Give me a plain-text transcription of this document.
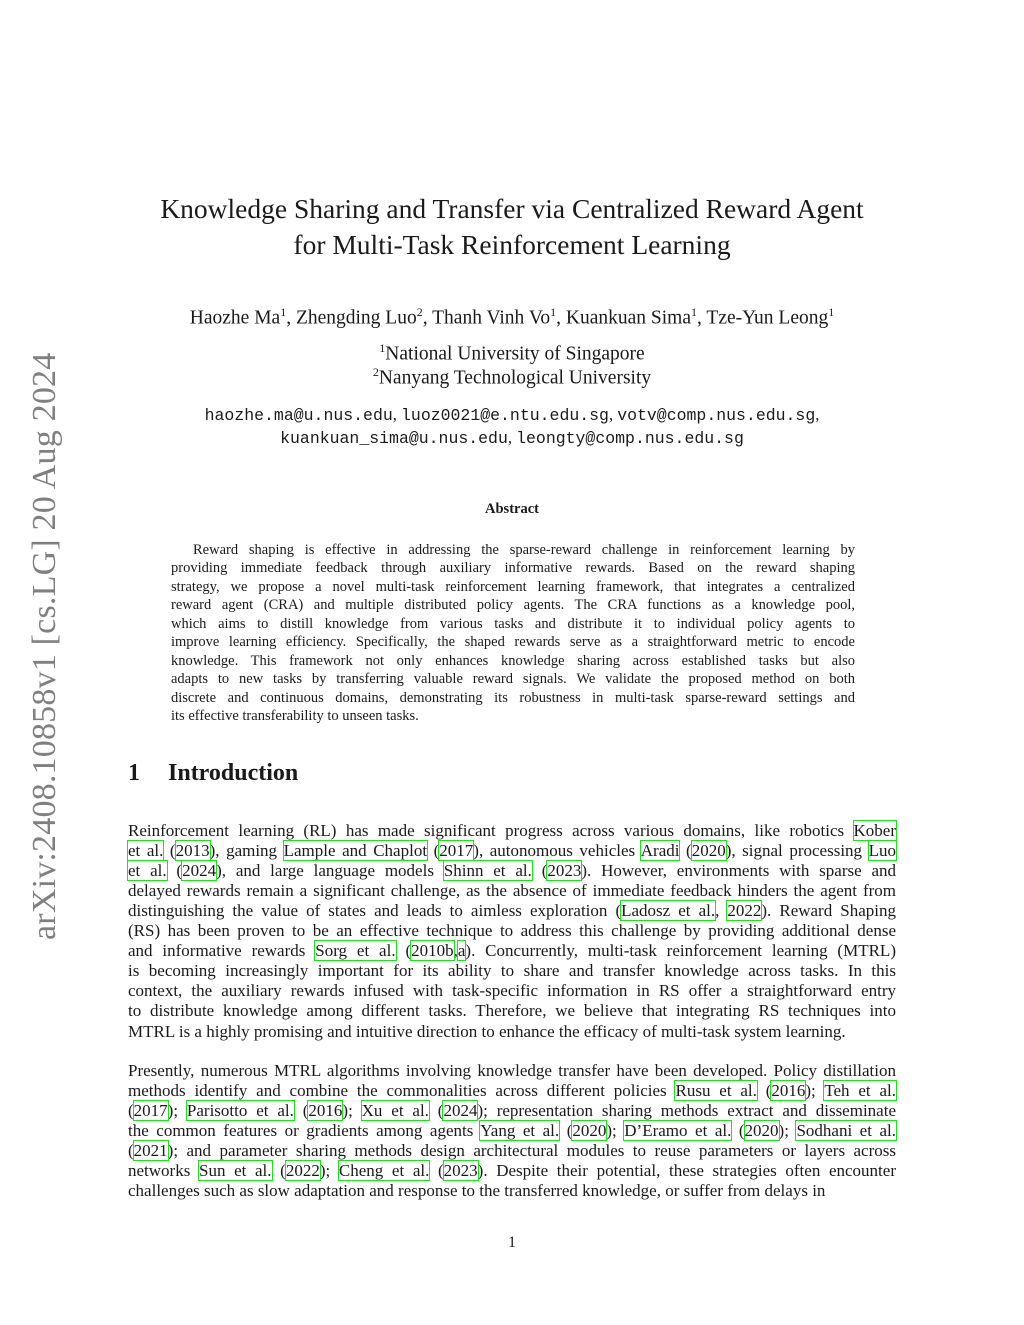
arXiv:2408.10858v1 [cs.LG] 20 Aug 2024
Knowledge Sharing and Transfer via Centralized Reward Agent
for Multi-Task Reinforcement Learning
Haozhe Ma$^1$, Zhengding Luo$^2$, Thanh Vinh Vo$^1$, Kuankuan Sima$^1$, Tze-Yun Leong$^1$
$^1$National University of Singapore
$^2$Nanyang Technological University
haozhe.ma@u.nus.edu, luoz0021@e.ntu.edu.sg, votv@comp.nus.edu.sg,
kuankuan_sima@u.nus.edu, leongty@comp.nus.edu.sg
Abstract
Reward shaping is effective in addressing the sparse-reward challenge in reinforcement learning by
providing immediate feedback through auxiliary informative rewards. Based on the reward shaping
strategy, we propose a novel multi-task reinforcement learning framework, that integrates a centralized
reward agent (CRA) and multiple distributed policy agents. The CRA functions as a knowledge pool,
which aims to distill knowledge from various tasks and distribute it to individual policy agents to
improve learning efficiency. Specifically, the shaped rewards serve as a straightforward metric to encode
knowledge. This framework not only enhances knowledge sharing across established tasks but also
adapts to new tasks by transferring valuable reward signals. We validate the proposed method on both
discrete and continuous domains, demonstrating its robustness in multi-task sparse-reward settings and
its effective transferability to unseen tasks.
1 Introduction
Reinforcement learning (RL) has made significant progress across various domains, like robotics Kober
et al. (2013), gaming Lample and Chaplot (2017), autonomous vehicles Aradi (2020), signal processing Luo
et al. (2024), and large language models Shinn et al. (2023). However, environments with sparse and
delayed rewards remain a significant challenge, as the absence of immediate feedback hinders the agent from
distinguishing the value of states and leads to aimless exploration (Ladosz et al., 2022). Reward Shaping
(RS) has been proven to be an effective technique to address this challenge by providing additional dense
and informative rewards Sorg et al. (2010b,a). Concurrently, multi-task reinforcement learning (MTRL)
is becoming increasingly important for its ability to share and transfer knowledge across tasks. In this
context, the auxiliary rewards infused with task-specific information in RS offer a straightforward entry
to distribute knowledge among different tasks. Therefore, we believe that integrating RS techniques into
MTRL is a highly promising and intuitive direction to enhance the efficacy of multi-task system learning.
Presently, numerous MTRL algorithms involving knowledge transfer have been developed. Policy distillation
methods identify and combine the commonalities across different policies Rusu et al. (2016); Teh et al.
(2017); Parisotto et al. (2016); Xu et al. (2024); representation sharing methods extract and disseminate
the common features or gradients among agents Yang et al. (2020); D’Eramo et al. (2020); Sodhani et al.
(2021); and parameter sharing methods design architectural modules to reuse parameters or layers across
networks Sun et al. (2022); Cheng et al. (2023). Despite their potential, these strategies often encounter
challenges such as slow adaptation and response to the transferred knowledge, or suffer from delays in
1
